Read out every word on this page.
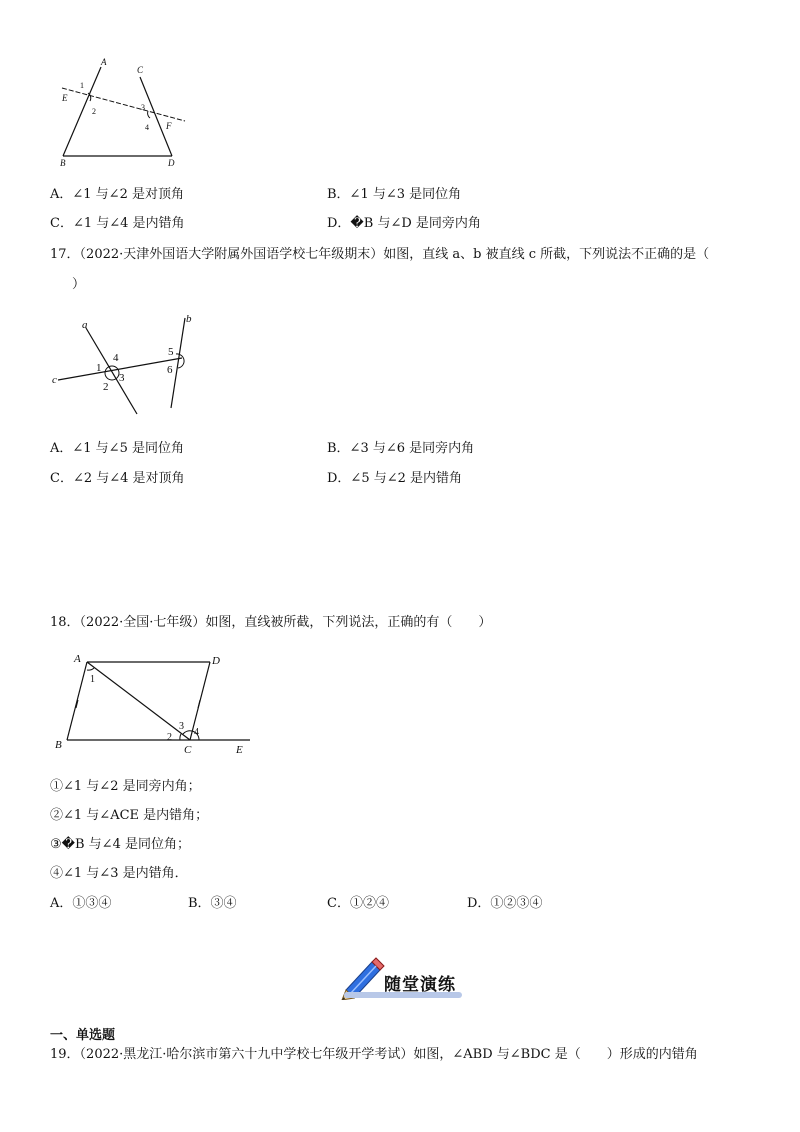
A
C
E
F
B	D
1
2	3
4
A．∠1 与∠2 是对顶角	B．∠1 与∠3 是同位角
C．∠1 与∠4 是内错角	D．�B 与∠D 是同旁内角
17．（2022·天津外国语大学附属外国语学校七年级期末）如图，直线 a、b 被直线 c 所截，下列说法不正确的是（
）
a	b
c
1
2
3
4	5
6
A．∠1 与∠5 是同位角	B．∠3 与∠6 是同旁内角
C．∠2 与∠4 是对顶角	D．∠5 与∠2 是内错角
18．（2022·全国·七年级）如图，直线被所截，下列说法，正确的有（　　）
A	D
B	C	E
1
2
3
4
①∠1 与∠2 是同旁内角；
②∠1 与∠ACE 是内错角；
③�B 与∠4 是同位角；
④∠1 与∠3 是内错角．
A．①③④	B．③④	C．①②④	D．①②③④
随堂演练
一、单选题
19．（2022·黑龙江·哈尔滨市第六十九中学校七年级开学考试）如图，∠ABD 与∠BDC 是（　　）形成的内错角
